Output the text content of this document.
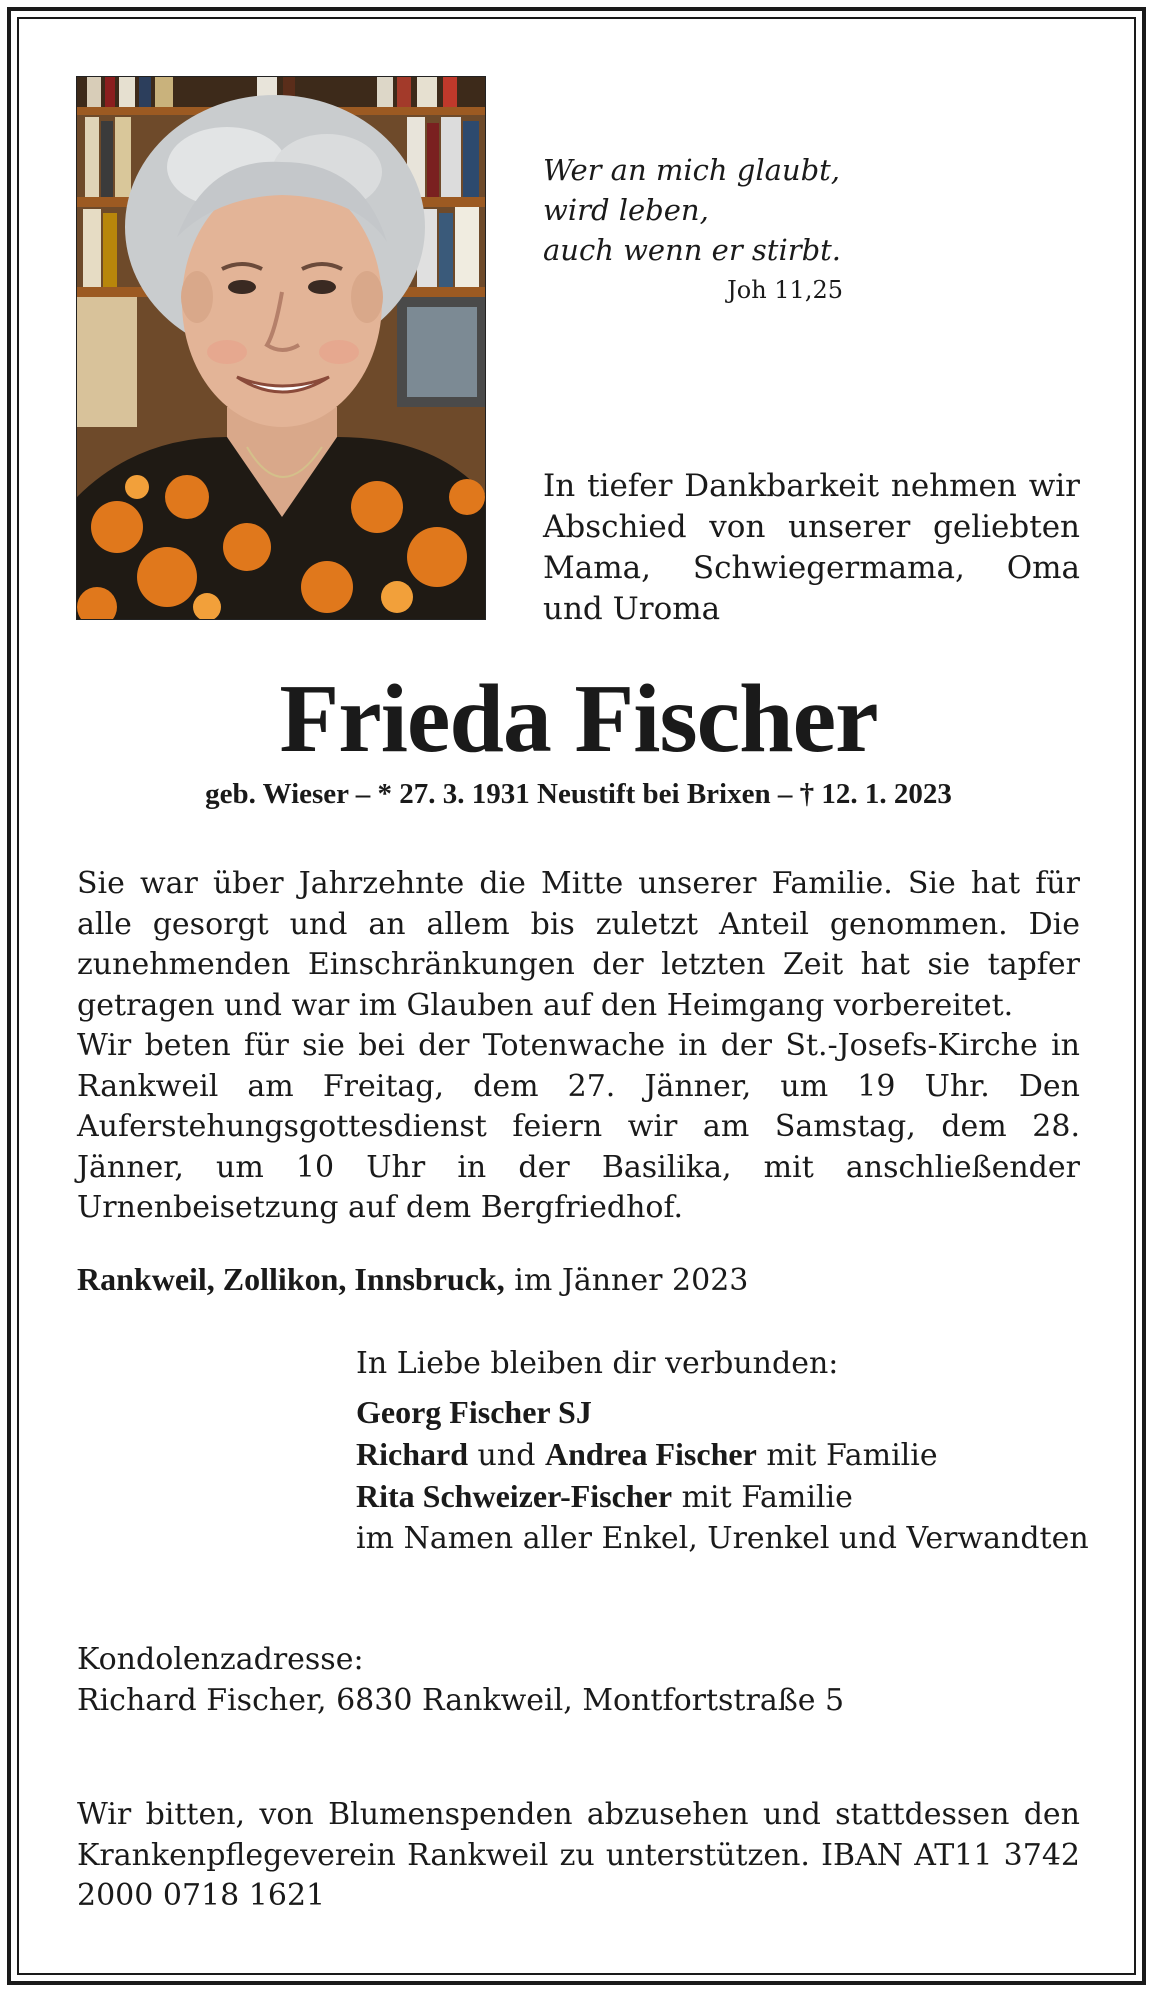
Wer an mich glaubt,
wird leben,
auch wenn er stirbt.
Joh 11,25
In tiefer Dankbarkeit nehmen wir Abschied von unserer geliebten Mama, Schwiegermama, Oma und Uroma
Frieda Fischer
geb. Wieser – * 27. 3. 1931 Neustift bei Brixen – † 12. 1. 2023

Sie war über Jahrzehnte die Mitte unserer Familie. Sie hat für alle gesorgt und an allem bis zuletzt Anteil genommen. Die zunehmenden Einschränkungen der letzten Zeit hat sie tapfer getragen und war im Glauben auf den Heimgang vorbereitet.

Wir beten für sie bei der Totenwache in der St.-Josefs-Kirche in Rankweil am Freitag, dem 27. Jänner, um 19 Uhr. Den Auferstehungsgottesdienst feiern wir am Samstag, dem 28. Jänner, um 10 Uhr in der Basilika, mit anschließender Urnenbeisetzung auf dem Bergfriedhof.

Rankweil, Zollikon, Innsbruck, im Jänner 2023
In Liebe bleiben dir verbunden:
Georg Fischer SJ
Richard und Andrea Fischer mit Familie
Rita Schweizer-Fischer mit Familie
im Namen aller Enkel, Urenkel und Verwandten
Kondolenzadresse:
Richard Fischer, 6830 Rankweil, Montfortstraße 5
Wir bitten, von Blumenspenden abzusehen und stattdessen den Krankenpflegeverein Rankweil zu unterstützen. IBAN AT11 3742 2000 0718 1621
